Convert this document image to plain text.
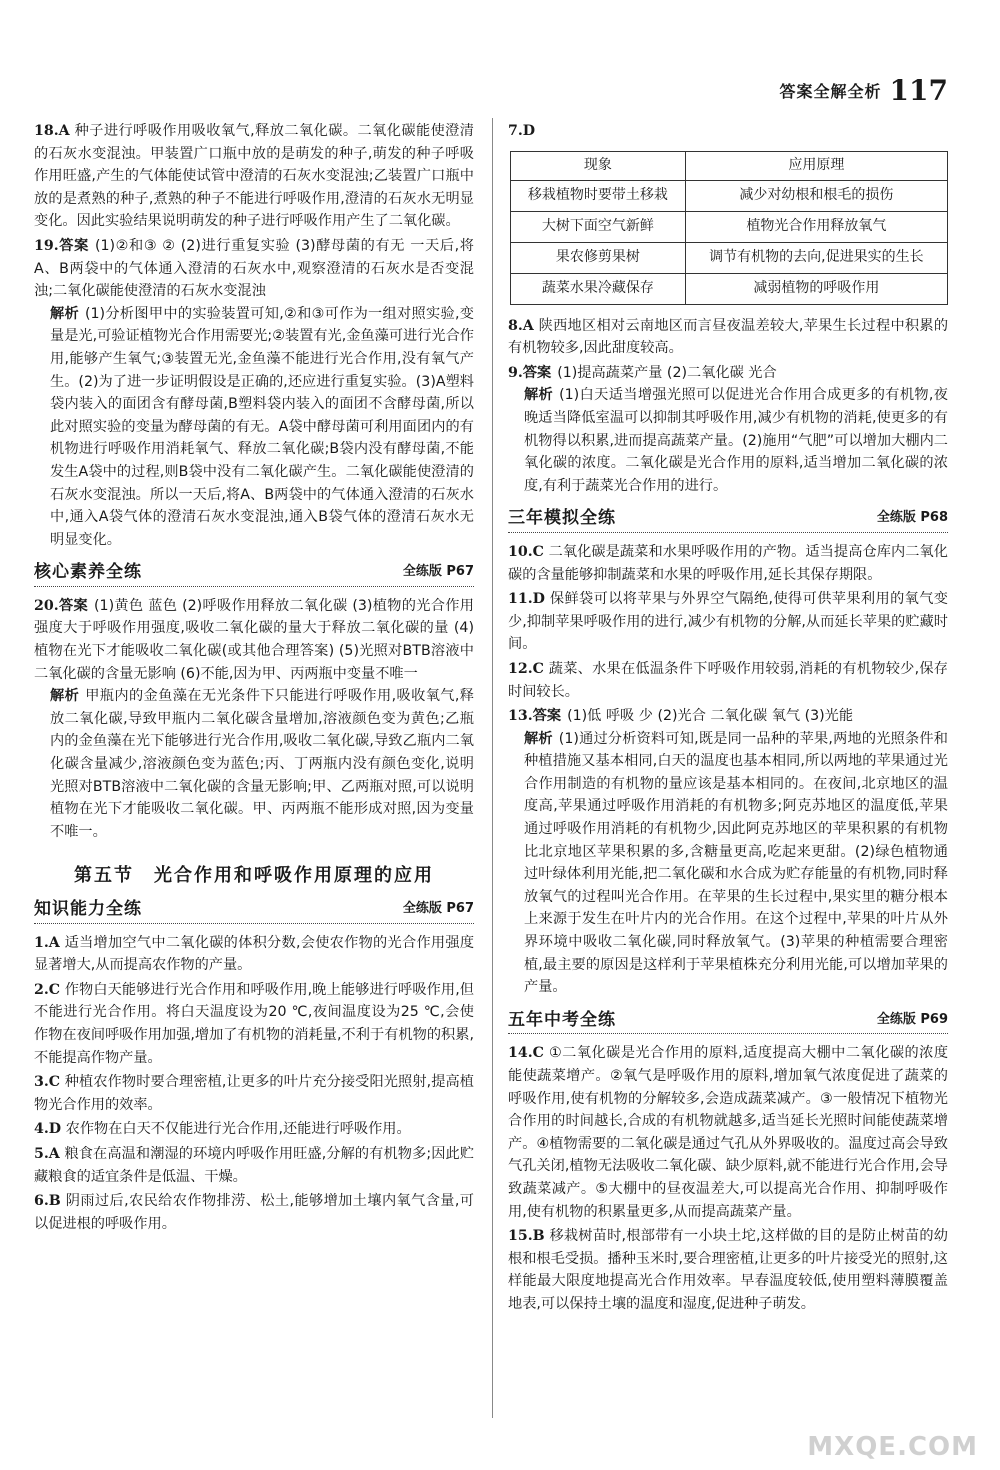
答案全解全析 117
18.A 种子进行呼吸作用吸收氧气,释放二氧化碳。二氧化碳能使澄清的石灰水变混浊。甲装置广口瓶中放的是萌发的种子,萌发的种子呼吸作用旺盛,产生的气体能使试管中澄清的石灰水变混浊;乙装置广口瓶中放的是煮熟的种子,煮熟的种子不能进行呼吸作用,澄清的石灰水无明显变化。因此实验结果说明萌发的种子进行呼吸作用产生了二氧化碳。
19.答案 (1)②和③ ② (2)进行重复实验 (3)酵母菌的有无 一天后,将A、B两袋中的气体通入澄清的石灰水中,观察澄清的石灰水是否变混浊;二氧化碳能使澄清的石灰水变混浊
解析 (1)分析图甲中的实验装置可知,②和③可作为一组对照实验,变量是光,可验证植物光合作用需要光;②装置有光,金鱼藻可进行光合作用,能够产生氧气;③装置无光,金鱼藻不能进行光合作用,没有氧气产生。(2)为了进一步证明假设是正确的,还应进行重复实验。(3)A塑料袋内装入的面团含有酵母菌,B塑料袋内装入的面团不含酵母菌,所以此对照实验的变量为酵母菌的有无。A袋中酵母菌可利用面团内的有机物进行呼吸作用消耗氧气、释放二氧化碳;B袋内没有酵母菌,不能发生A袋中的过程,则B袋中没有二氧化碳产生。二氧化碳能使澄清的石灰水变混浊。所以一天后,将A、B两袋中的气体通入澄清的石灰水中,通入A袋气体的澄清石灰水变混浊,通入B袋气体的澄清石灰水无明显变化。
核心素养全练	全练版 P67
20.答案 (1)黄色 蓝色 (2)呼吸作用释放二氧化碳 (3)植物的光合作用强度大于呼吸作用强度,吸收二氧化碳的量大于释放二氧化碳的量 (4)植物在光下才能吸收二氧化碳(或其他合理答案) (5)光照对BTB溶液中二氧化碳的含量无影响 (6)不能,因为甲、丙两瓶中变量不唯一
解析 甲瓶内的金鱼藻在无光条件下只能进行呼吸作用,吸收氧气,释放二氧化碳,导致甲瓶内二氧化碳含量增加,溶液颜色变为黄色;乙瓶内的金鱼藻在光下能够进行光合作用,吸收二氧化碳,导致乙瓶内二氧化碳含量减少,溶液颜色变为蓝色;丙、丁两瓶内没有颜色变化,说明光照对BTB溶液中二氧化碳的含量无影响;甲、乙两瓶对照,可以说明植物在光下才能吸收二氧化碳。甲、丙两瓶不能形成对照,因为变量不唯一。
第五节　光合作用和呼吸作用原理的应用
知识能力全练	全练版 P67
1.A 适当增加空气中二氧化碳的体积分数,会使农作物的光合作用强度显著增大,从而提高农作物的产量。
2.C 作物白天能够进行光合作用和呼吸作用,晚上能够进行呼吸作用,但不能进行光合作用。将白天温度设为20 ℃,夜间温度设为25 ℃,会使作物在夜间呼吸作用加强,增加了有机物的消耗量,不利于有机物的积累,不能提高作物产量。
3.C 种植农作物时要合理密植,让更多的叶片充分接受阳光照射,提高植物光合作用的效率。
4.D 农作物在白天不仅能进行光合作用,还能进行呼吸作用。
5.A 粮食在高温和潮湿的环境内呼吸作用旺盛,分解的有机物多;因此贮藏粮食的适宜条件是低温、干燥。
6.B 阴雨过后,农民给农作物排涝、松土,能够增加土壤内氧气含量,可以促进根的呼吸作用。
7.D
现象	应用原理
移栽植物时要带土移栽	减少对幼根和根毛的损伤
大树下面空气新鲜	植物光合作用释放氧气
果农修剪果树	调节有机物的去向,促进果实的生长
蔬菜水果冷藏保存	减弱植物的呼吸作用
8.A 陕西地区相对云南地区而言昼夜温差较大,苹果生长过程中积累的有机物较多,因此甜度较高。
9.答案 (1)提高蔬菜产量 (2)二氧化碳 光合
解析 (1)白天适当增强光照可以促进光合作用合成更多的有机物,夜晚适当降低室温可以抑制其呼吸作用,减少有机物的消耗,使更多的有机物得以积累,进而提高蔬菜产量。(2)施用“气肥”可以增加大棚内二氧化碳的浓度。二氧化碳是光合作用的原料,适当增加二氧化碳的浓度,有利于蔬菜光合作用的进行。
三年模拟全练	全练版 P68
10.C 二氧化碳是蔬菜和水果呼吸作用的产物。适当提高仓库内二氧化碳的含量能够抑制蔬菜和水果的呼吸作用,延长其保存期限。
11.D 保鲜袋可以将苹果与外界空气隔绝,使得可供苹果利用的氧气变少,抑制苹果呼吸作用的进行,减少有机物的分解,从而延长苹果的贮藏时间。
12.C 蔬菜、水果在低温条件下呼吸作用较弱,消耗的有机物较少,保存时间较长。
13.答案 (1)低 呼吸 少 (2)光合 二氧化碳 氧气 (3)光能
解析 (1)通过分析资料可知,既是同一品种的苹果,两地的光照条件和种植措施又基本相同,白天的温度也基本相同,所以两地的苹果通过光合作用制造的有机物的量应该是基本相同的。在夜间,北京地区的温度高,苹果通过呼吸作用消耗的有机物多;阿克苏地区的温度低,苹果通过呼吸作用消耗的有机物少,因此阿克苏地区的苹果积累的有机物比北京地区苹果积累的多,含糖量更高,吃起来更甜。(2)绿色植物通过叶绿体利用光能,把二氧化碳和水合成为贮存能量的有机物,同时释放氧气的过程叫光合作用。在苹果的生长过程中,果实里的糖分根本上来源于发生在叶片内的光合作用。在这个过程中,苹果的叶片从外界环境中吸收二氧化碳,同时释放氧气。(3)苹果的种植需要合理密植,最主要的原因是这样利于苹果植株充分利用光能,可以增加苹果的产量。
五年中考全练	全练版 P69
14.C ①二氧化碳是光合作用的原料,适度提高大棚中二氧化碳的浓度能使蔬菜增产。②氧气是呼吸作用的原料,增加氧气浓度促进了蔬菜的呼吸作用,使有机物的分解较多,会造成蔬菜减产。③一般情况下植物光合作用的时间越长,合成的有机物就越多,适当延长光照时间能使蔬菜增产。④植物需要的二氧化碳是通过气孔从外界吸收的。温度过高会导致气孔关闭,植物无法吸收二氧化碳、缺少原料,就不能进行光合作用,会导致蔬菜减产。⑤大棚中的昼夜温差大,可以提高光合作用、抑制呼吸作用,使有机物的积累量更多,从而提高蔬菜产量。
15.B 移栽树苗时,根部带有一小块土坨,这样做的目的是防止树苗的幼根和根毛受损。播种玉米时,要合理密植,让更多的叶片接受光的照射,这样能最大限度地提高光合作用效率。早春温度较低,使用塑料薄膜覆盖地表,可以保持土壤的温度和湿度,促进种子萌发。
MXQE.COM
